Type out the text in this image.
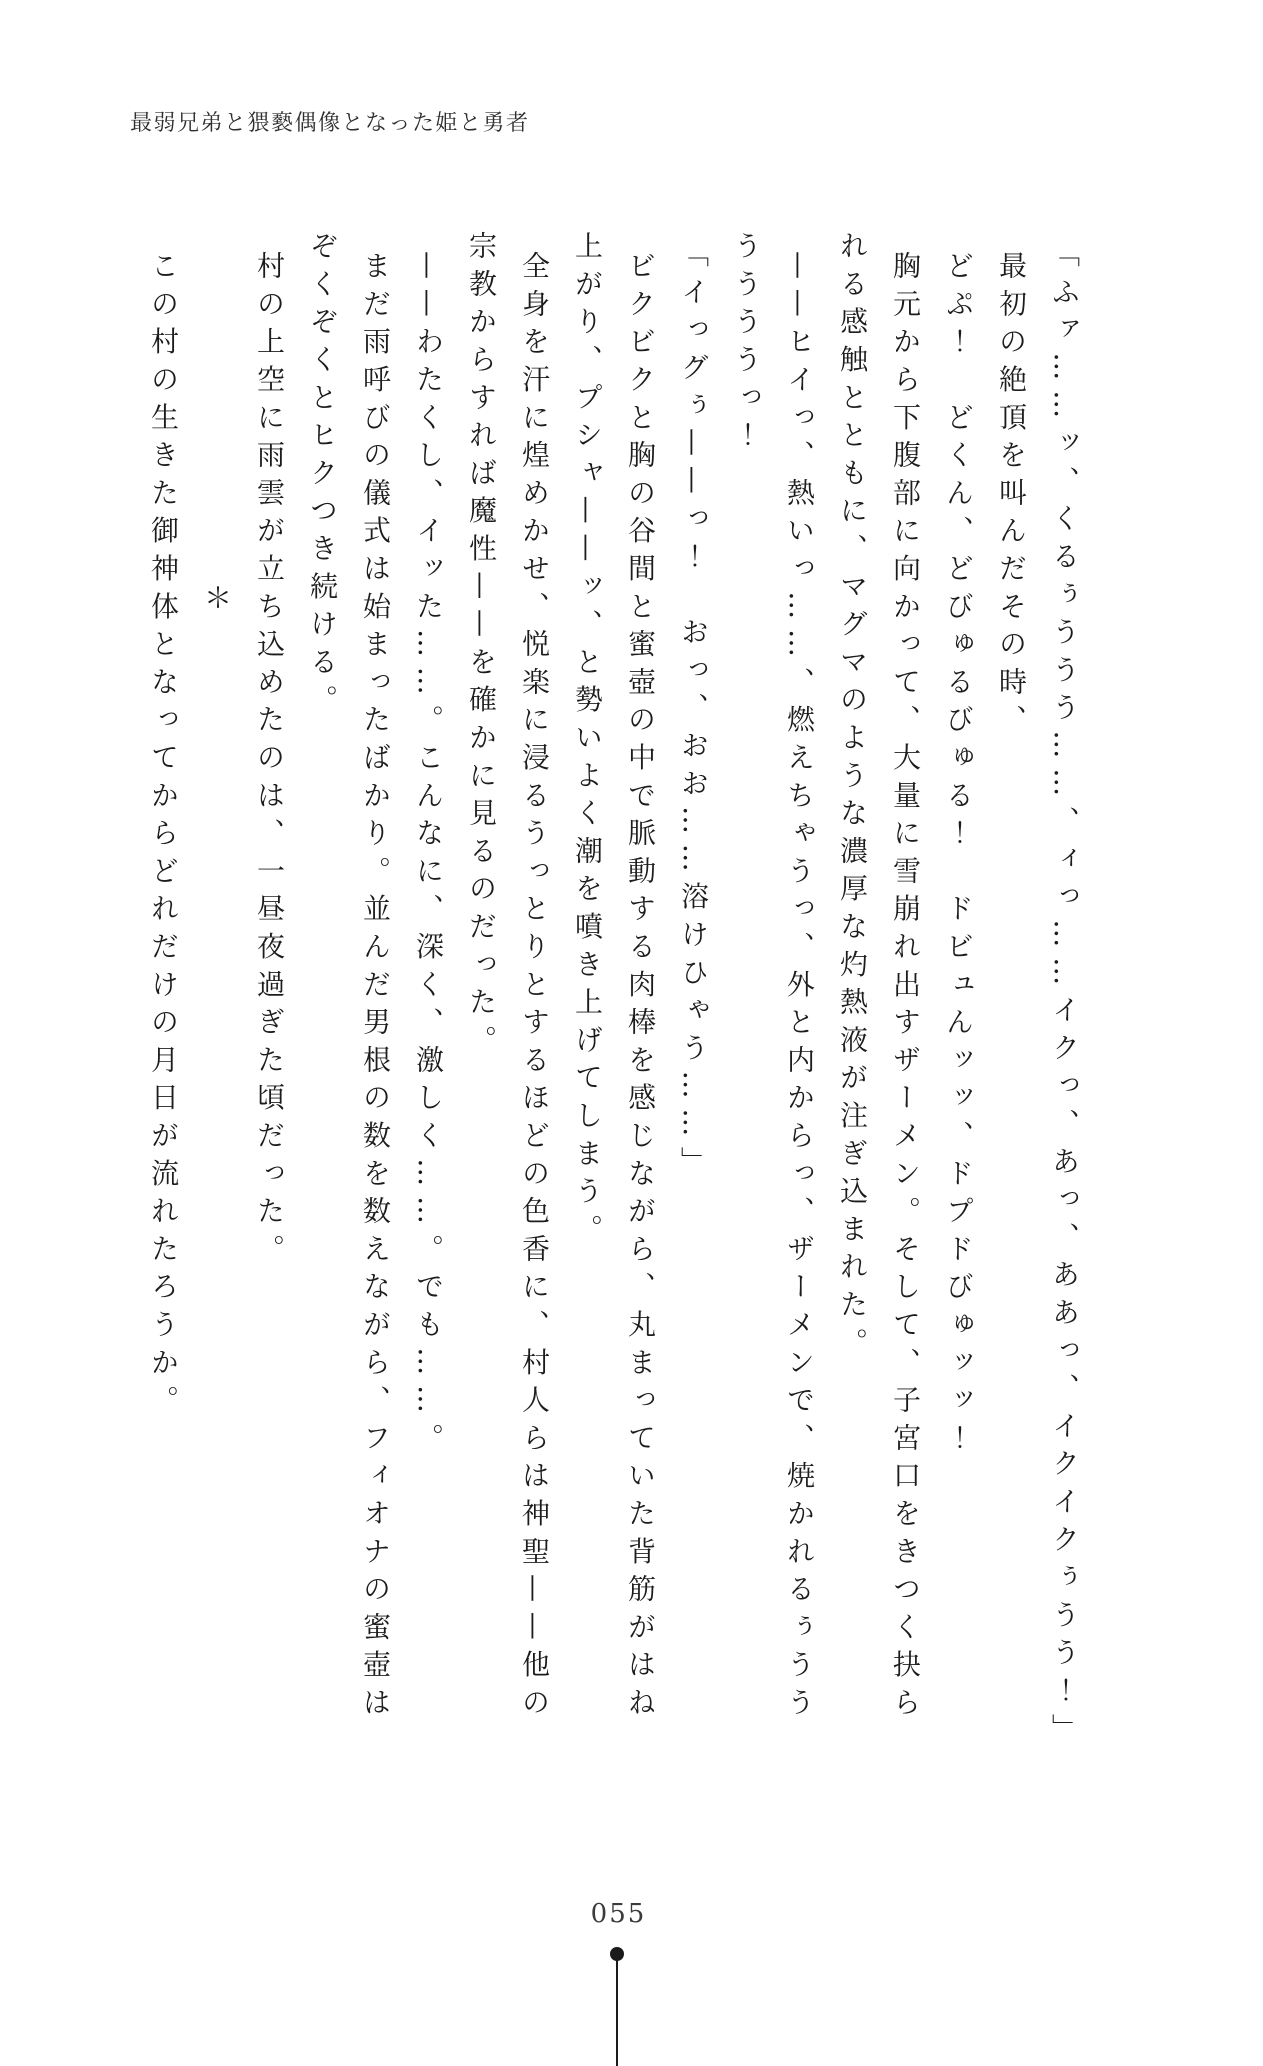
最弱兄弟と猥褻偶像となった姫と勇者

「ふァ……ッ、くるぅううう……、ィっ……イクっ、あっ、ああっ、イクイクぅうう！」

最初の絶頂を叫んだその時、

どぷ！　どくん、どびゅるびゅる！　ドビュんッッ、ドプドびゅッッ！

胸元から下腹部に向かって、大量に雪崩れ出すザーメン。そして、子宮口をきつく抉ら

れる感触とともに、マグマのような濃厚な灼熱液が注ぎ込まれた。

——ヒイっ、熱いっ……、燃えちゃうっ、外と内からっ、ザーメンで、焼かれるぅうう

ううううっ！

「イっグぅ——っ！　おっ、おお……溶けひゃう……」

ビクビクと胸の谷間と蜜壺の中で脈動する肉棒を感じながら、丸まっていた背筋がはね

上がり、プシャ——ッ、と勢いよく潮を噴き上げてしまう。

全身を汗に煌めかせ、悦楽に浸るうっとりとするほどの色香に、村人らは神聖——他の

宗教からすれば魔性——を確かに見るのだった。

——わたくし、イッた……。こんなに、深く、激しく……。でも……。

まだ雨呼びの儀式は始まったばかり。並んだ男根の数を数えながら、フィオナの蜜壺は

ぞくぞくとヒクつき続ける。

村の上空に雨雲が立ち込めたのは、一昼夜過ぎた頃だった。

＊

この村の生きた御神体となってからどれだけの月日が流れたろうか。

055
